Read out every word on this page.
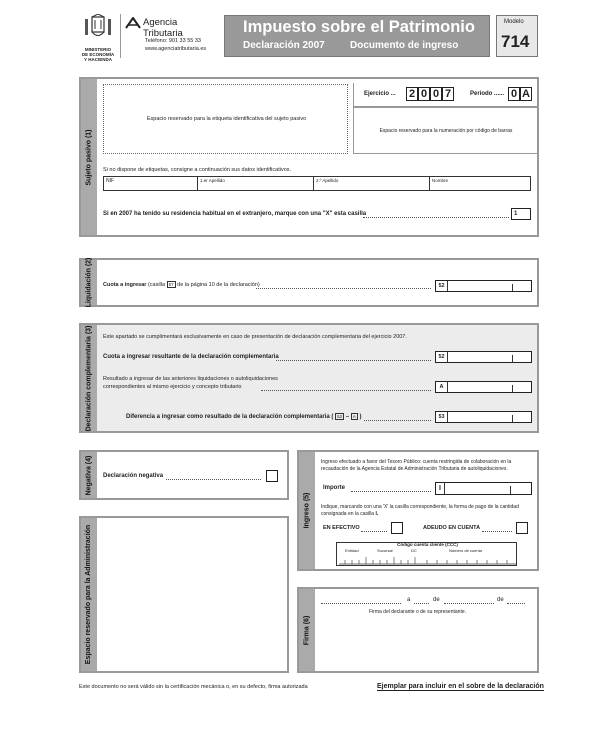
MINISTERIO
DE ECONOMÍA
Y HACIENDA
Agencia Tributaria
Teléfono: 901 33 55 33
www.agenciatributaria.es
Impuesto sobre el Patrimonio
Declaración 2007	Documento de ingreso
Modelo
714
Sujeto pasivo (1)
Espacio reservado para la etiqueta identificativa del sujeto pasivo
Ejercicio ... 2 0 0 7	Periodo ...... 0 A
Espacio reservado para la numeración por código de barras
Si no dispone de etiquetas, consigne a continuación sus datos identificativos.
NIF	1.er Apellido	2.º Apellido	Nombre
Si en 2007 ha tenido su residencia habitual en el extranjero, marque con una "X" esta casilla	1
Liquidación (2) Cuota a ingresar (casilla 57 de la página 10 de la declaración)	52
Declaración complementaria (3) Este apartado se cumplimentará exclusivamente en caso de presentación de declaración complementaria del ejercicio 2007.
Cuota a ingresar resultante de la declaración complementaria	52
Resultado a ingresar de las anteriores liquidaciones o autoliquidaciones
correspondientes al mismo ejercicio y concepto tributario	A
Diferencia a ingresar como resultado de la declaración complementaria ( 52 – A )	53
Negativa (4) Declaración negativa
Ingreso (5)
Ingreso efectuado a favor del Tesoro Público: cuenta restringida de colaboración en la
recaudación de la Agencia Estatal de Administración Tributaria de autoliquidaciones.
Importe	I
Indique, marcando con una 'X' la casilla correspondiente, la forma de pago de la cantidad
consignada en la casilla I.
EN EFECTIVO	ADEUDO EN CUENTA
Código cuenta cliente (CCC)
Entidad	Sucursal	DC	Número de cuenta
Espacio reservado para la Administración	Firma (6)
a	de	de
Firma del declarante o de su representante.
Este documento no será válido sin la certificación mecánica o, en su defecto, firma autorizada	Ejemplar para incluir en el sobre de la declaración
